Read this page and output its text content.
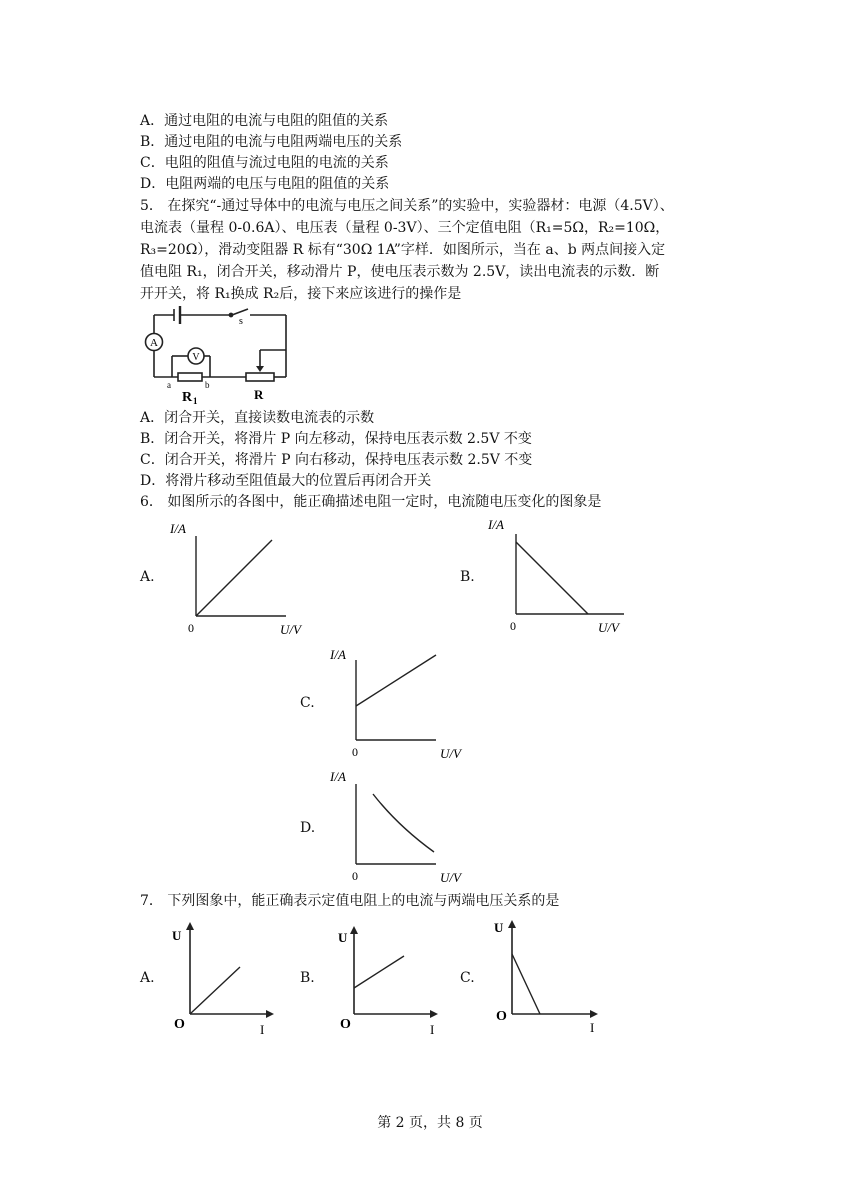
A．通过电阻的电流与电阻的阻值的关系
B．通过电阻的电流与电阻两端电压的关系
C．电阻的阻值与流过电阻的电流的关系
D．电阻两端的电压与电阻的阻值的关系
5． 在探究“-通过导体中的电流与电压之间关系”的实验中，实验器材：电源（4.5V）、
电流表（量程 0-0.6A）、电压表（量程 0-3V）、三个定值电阻（R₁=5Ω，R₂=10Ω，
R₃=20Ω），滑动变阻器 R 标有“30Ω 1A”字样．如图所示，当在 a、b 两点间接入定
值电阻 R₁，闭合开关，移动滑片 P，使电压表示数为 2.5V，读出电流表的示数．断
开开关，将 R₁换成 R₂后，接下来应该进行的操作是
A
V
s
a	b
R 1	R
A．闭合开关，直接读数电流表的示数
B．闭合开关，将滑片 P 向左移动，保持电压表示数 2.5V 不变
C．闭合开关，将滑片 P 向右移动，保持电压表示数 2.5V 不变
D．将滑片移动至阻值最大的位置后再闭合开关
6． 如图所示的各图中，能正确描述电阻一定时，电流随电压变化的图象是
A.
I/A
0	U/V
B.
I/A
0	U/V
C.
I/A
0	U/V
D.
I/A
0	U/V
7． 下列图象中，能正确表示定值电阻上的电流与两端电压关系的是
A.
U
O	I
B.
U
O	I
C.
U
O
I
第 2 页，共 8 页
